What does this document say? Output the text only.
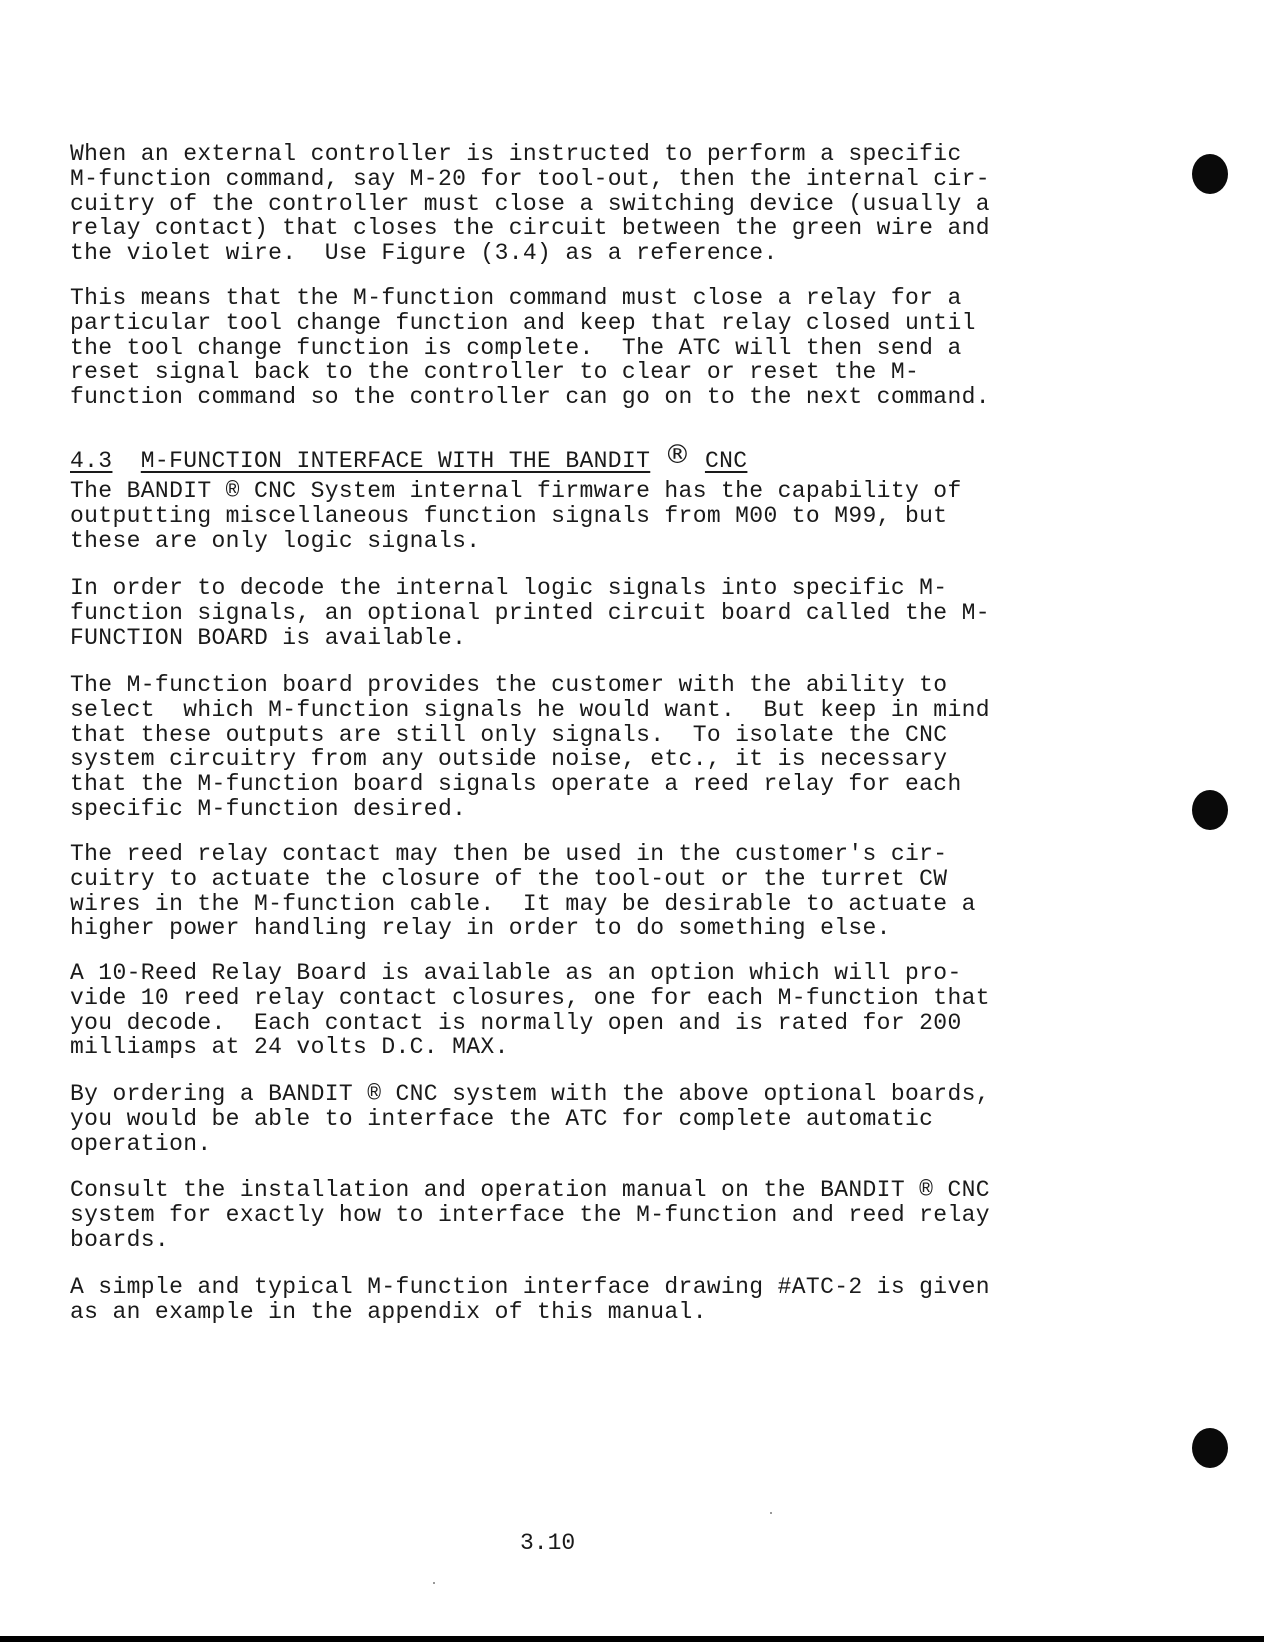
When an external controller is instructed to perform a specific
M-function command, say M-20 for tool-out, then the internal cir-
cuitry of the controller must close a switching device (usually a
relay contact) that closes the circuit between the green wire and
the violet wire.  Use Figure (3.4) as a reference.

This means that the M-function command must close a relay for a
particular tool change function and keep that relay closed until
the tool change function is complete.  The ATC will then send a
reset signal back to the controller to clear or reset the M-
function command so the controller can go on to the next command.

4.3 M-FUNCTION INTERFACE WITH THE BANDIT ® CNC

The BANDIT ® CNC System internal firmware has the capability of
outputting miscellaneous function signals from M00 to M99, but
these are only logic signals.

In order to decode the internal logic signals into specific M-
function signals, an optional printed circuit board called the M-
FUNCTION BOARD is available.

The M-function board provides the customer with the ability to
select  which M-function signals he would want.  But keep in mind
that these outputs are still only signals.  To isolate the CNC
system circuitry from any outside noise, etc., it is necessary
that the M-function board signals operate a reed relay for each
specific M-function desired.

The reed relay contact may then be used in the customer's cir-
cuitry to actuate the closure of the tool-out or the turret CW
wires in the M-function cable.  It may be desirable to actuate a
higher power handling relay in order to do something else.

A 10-Reed Relay Board is available as an option which will pro-
vide 10 reed relay contact closures, one for each M-function that
you decode.  Each contact is normally open and is rated for 200
milliamps at 24 volts D.C. MAX.

By ordering a BANDIT ® CNC system with the above optional boards,
you would be able to interface the ATC for complete automatic
operation.

Consult the installation and operation manual on the BANDIT ® CNC
system for exactly how to interface the M-function and reed relay
boards.

A simple and typical M-function interface drawing #ATC-2 is given
as an example in the appendix of this manual.

3.10
